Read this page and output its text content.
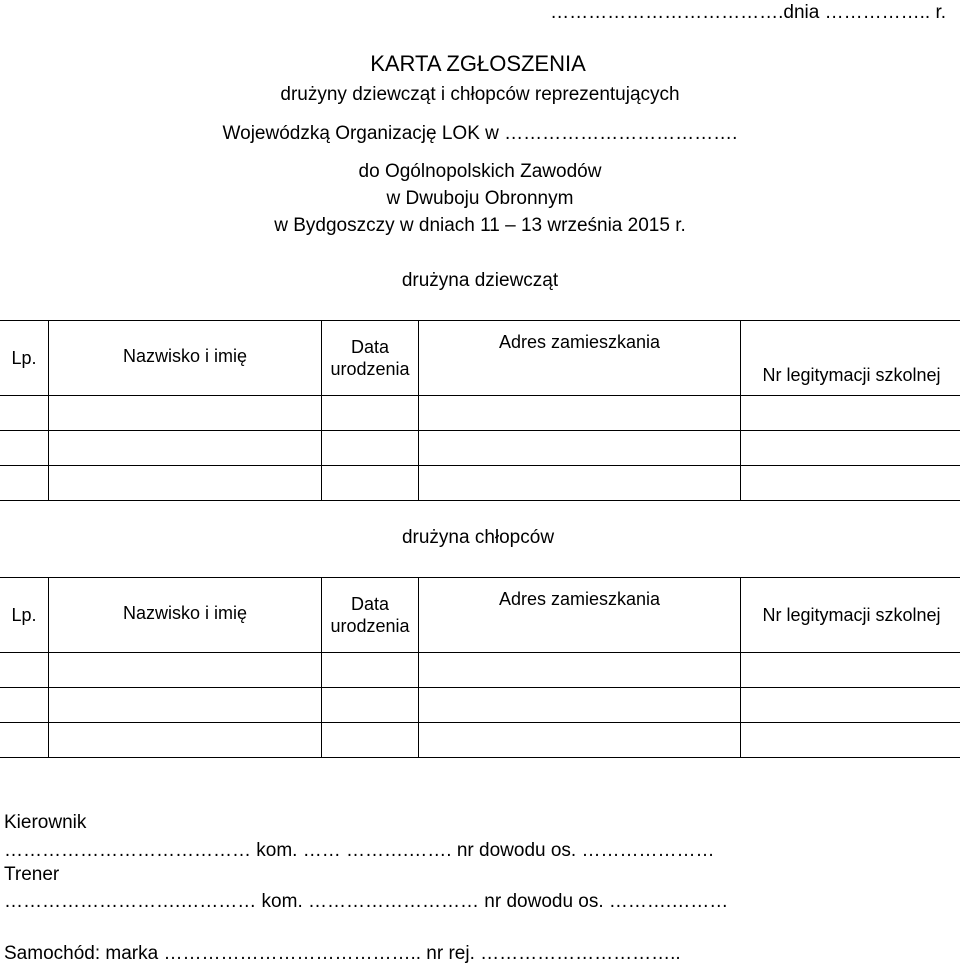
……………………………….dnia …………….. r.
KARTA ZGŁOSZENIA
drużyny dziewcząt i chłopców reprezentujących
Wojewódzką Organizację LOK w ……………………………….
do Ogólnopolskich Zawodów
w Dwuboju Obronnym
w Bydgoszczy w dniach 11 – 13 września 2015 r.
drużyna dziewcząt
Lp.	Nazwisko i imię	Data urodzenia	Adres zamieszkania	Nr legitymacji szkolnej

drużyna chłopców
Lp.	Nazwisko i imię	Data urodzenia	Adres zamieszkania	Nr legitymacji szkolnej

Kierownik
………………………………… kom. …… ……….……. nr dowodu os. …………………
Trener
……………………….………… kom. ……………………… nr dowodu os. ……….………
Samochód: marka ………………………………….. nr rej. …………………………..
